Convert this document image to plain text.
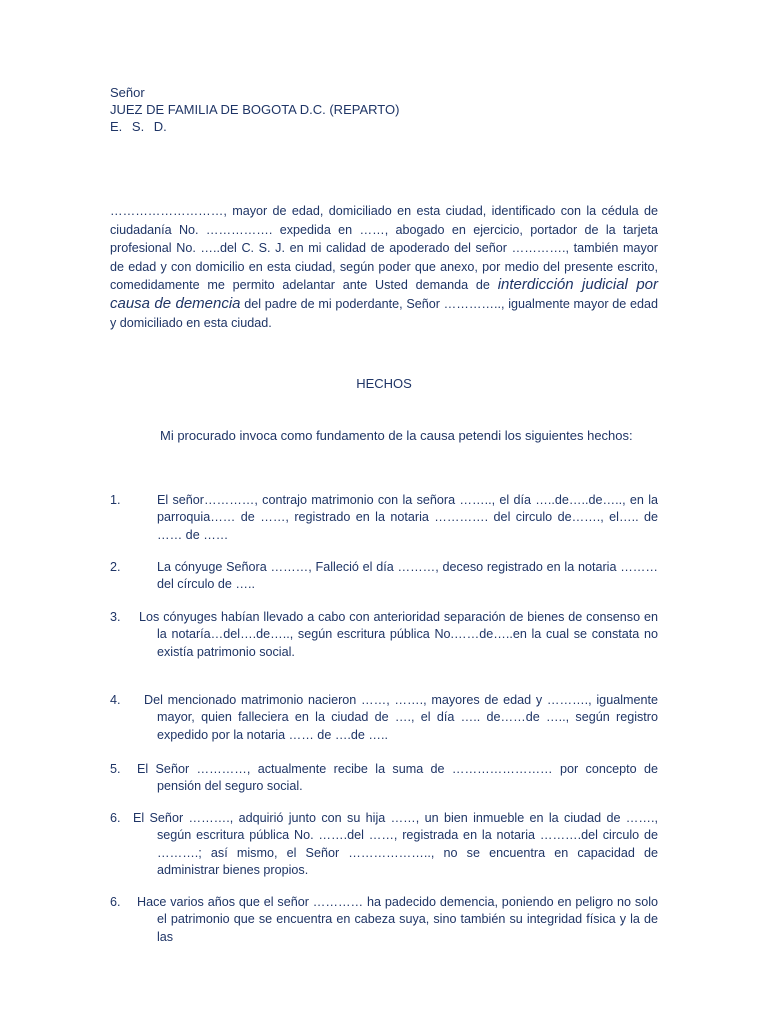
Señor
JUEZ DE FAMILIA DE BOGOTA D.C. (REPARTO)
E. S. D.
………………………, mayor de edad, domiciliado en esta ciudad, identificado con la cédula de ciudadanía No. ……………. expedida en ……, abogado en ejercicio, portador de la tarjeta profesional No. …..del C. S. J. en mi calidad de apoderado del señor …………., también mayor de edad y con domicilio en esta ciudad, según poder que anexo, por medio del presente escrito, comedidamente me permito adelantar ante Usted demanda de interdicción judicial por causa de demencia del padre de mi poderdante, Señor ………….., igualmente mayor de edad y domiciliado en esta ciudad.
HECHOS
Mi procurado invoca como fundamento de la causa petendi los siguientes hechos:
1.	El señor…………, contrajo matrimonio con la señora …….., el día …..de…..de….., en la parroquia…… de ……, registrado en la notaria …………. del circulo de……., el….. de …… de ……
2.	La cónyuge Señora ………, Falleció el día ………, deceso registrado en la notaria ……… del círculo de …..
3.	Los cónyuges habían llevado a cabo con anterioridad separación de bienes de consenso en la notaría…del….de….., según escritura pública No.……de…..en la cual se constata no existía patrimonio social.
4.	Del mencionado matrimonio nacieron ……, ……., mayores de edad y ………., igualmente mayor, quien falleciera en la ciudad de …., el día ….. de……de ….., según registro expedido por la notaria …… de ….de …..
5.	El Señor …………, actualmente recibe la suma de …………………… por concepto de pensión del seguro social.
6. El Señor ………., adquirió junto con su hija ……, un bien inmueble en la ciudad de ……., según escritura pública No. …….del ……, registrada en la notaria ……….del circulo de ……….; así mismo, el Señor ……………….., no se encuentra en capacidad de administrar bienes propios.
6.	Hace varios años que el señor ………… ha padecido demencia, poniendo en peligro no solo el patrimonio que se encuentra en cabeza suya, sino también su integridad física y la de las
